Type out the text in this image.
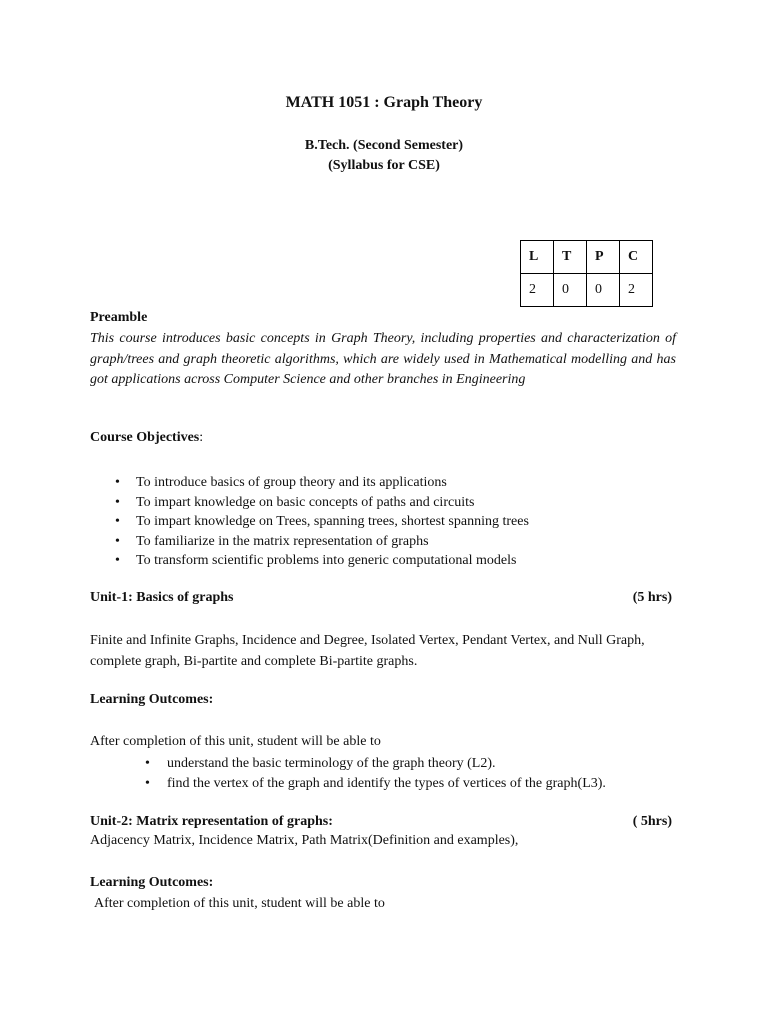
MATH 1051 : Graph Theory
B.Tech. (Second Semester)
(Syllabus for CSE)
L	T	P	C
2	0	0	2
Preamble
This course introduces basic concepts in Graph Theory, including properties and characterization of graph/trees and graph theoretic algorithms, which are widely used in Mathematical modelling and has got applications across Computer Science and other branches in Engineering
Course Objectives:
• To introduce basics of group theory and its applications
• To impart knowledge on basic concepts of paths and circuits
• To impart knowledge on Trees, spanning trees, shortest spanning trees
• To familiarize in the matrix representation of graphs
• To transform scientific problems into generic computational models
Unit-1: Basics of graphs	(5 hrs)
Finite and Infinite Graphs, Incidence and Degree, Isolated Vertex, Pendant Vertex, and Null Graph, complete graph, Bi-partite and complete Bi-partite graphs.
Learning Outcomes:
After completion of this unit, student will be able to
• understand the basic terminology of the graph theory (L2).
• find the vertex of the graph and identify the types of vertices of the graph(L3).
Unit-2: Matrix representation of graphs:	( 5hrs)
Adjacency Matrix, Incidence Matrix, Path Matrix(Definition and examples),
Learning Outcomes:
After completion of this unit, student will be able to
